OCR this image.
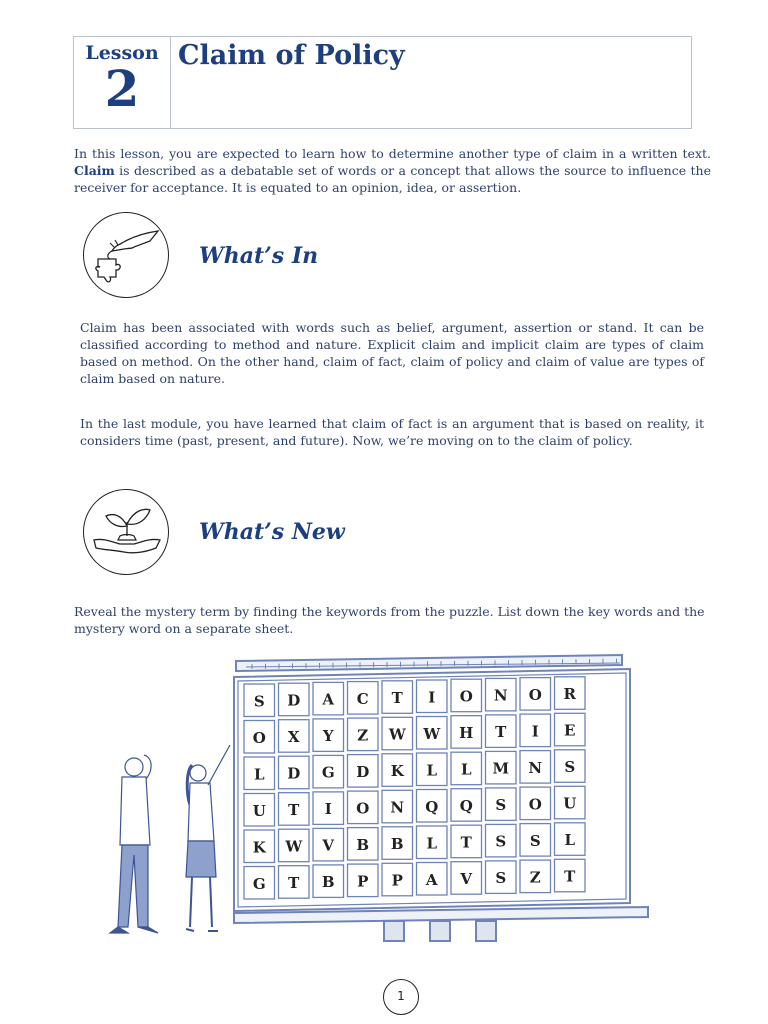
Lesson
2
Claim of Policy

In this lesson, you are expected to learn how to determine another type of claim in a written text. Claim is described as a debatable set of words or a concept that allows the source to influence the receiver for acceptance. It is equated to an opinion, idea, or assertion.

What’s In

Claim has been associated with words such as belief, argument, assertion or stand. It can be classified according to method and nature. Explicit claim and implicit claim are types of claim based on method. On the other hand, claim of fact, claim of policy and claim of value are types of claim based on nature.

In the last module, you have learned that claim of fact is an argument that is based on reality, it considers time (past, present, and future). Now, we’re moving on to the claim of policy.

What’s New

Reveal the mystery term by finding the keywords from the puzzle. List down the key words and the mystery word on a separate sheet.

S D A C T I O N O R
O X Y Z W W H T I E
L D G D K L L M N S
U T I O N Q Q S O U
K W V B B L T S S L
G T B P P A V S Z T
1
